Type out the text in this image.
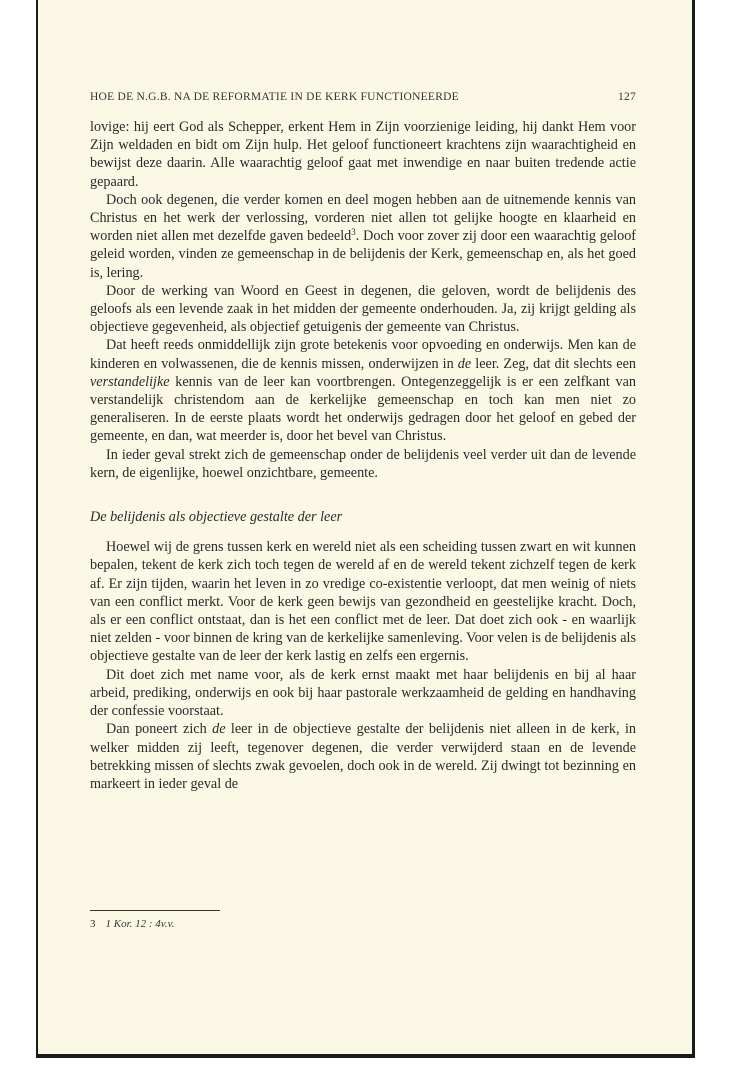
HOE DE N.G.B. NA DE REFORMATIE IN DE KERK FUNCTIONEERDE	127

lovige: hij eert God als Schepper, erkent Hem in Zijn voorzienige leiding, hij dankt Hem voor Zijn weldaden en bidt om Zijn hulp. Het geloof functioneert krachtens zijn waarachtigheid en bewijst deze daarin. Alle waarachtig geloof gaat met inwendige en naar buiten tredende actie gepaard.

Doch ook degenen, die verder komen en deel mogen hebben aan de uitnemende kennis van Christus en het werk der verlossing, vorderen niet allen tot gelijke hoogte en klaarheid en worden niet allen met dezelfde gaven bedeeld$^3$. Doch voor zover zij door een waarachtig geloof geleid worden, vinden ze gemeenschap in de belijdenis der Kerk, gemeenschap en, als het goed is, lering.

Door de werking van Woord en Geest in degenen, die geloven, wordt de belijdenis des geloofs als een levende zaak in het midden der gemeente onderhouden. Ja, zij krijgt gelding als objectieve gegevenheid, als objectief getuigenis der gemeente van Christus.

Dat heeft reeds onmiddellijk zijn grote betekenis voor opvoeding en onderwijs. Men kan de kinderen en volwassenen, die de kennis missen, onderwijzen in de leer. Zeg, dat dit slechts een verstandelijke kennis van de leer kan voortbrengen. Ontegenzeggelijk is er een zelfkant van verstandelijk christendom aan de kerkelijke gemeenschap en toch kan men niet zo generaliseren. In de eerste plaats wordt het onderwijs gedragen door het geloof en gebed der gemeente, en dan, wat meerder is, door het bevel van Christus.

In ieder geval strekt zich de gemeenschap onder de belijdenis veel verder uit dan de levende kern, de eigenlijke, hoewel onzichtbare, gemeente.

De belijdenis als objectieve gestalte der leer

Hoewel wij de grens tussen kerk en wereld niet als een scheiding tussen zwart en wit kunnen bepalen, tekent de kerk zich toch tegen de wereld af en de wereld tekent zichzelf tegen de kerk af. Er zijn tijden, waarin het leven in zo vredige co-existentie verloopt, dat men weinig of niets van een conflict merkt. Voor de kerk geen bewijs van gezondheid en geestelijke kracht. Doch, als er een conflict ontstaat, dan is het een conflict met de leer. Dat doet zich ook - en waarlijk niet zelden - voor binnen de kring van de kerkelijke samenleving. Voor velen is de belijdenis als objectieve gestalte van de leer der kerk lastig en zelfs een ergernis.

Dit doet zich met name voor, als de kerk ernst maakt met haar belijdenis en bij al haar arbeid, prediking, onderwijs en ook bij haar pastorale werkzaamheid de gelding en handhaving der confessie voorstaat.

Dan poneert zich de leer in de objectieve gestalte der belijdenis niet alleen in de kerk, in welker midden zij leeft, tegenover degenen, die verder verwijderd staan en de levende betrekking missen of slechts zwak gevoelen, doch ook in de wereld. Zij dwingt tot bezinning en markeert in ieder geval de

3 1 Kor. 12 : 4v.v.
